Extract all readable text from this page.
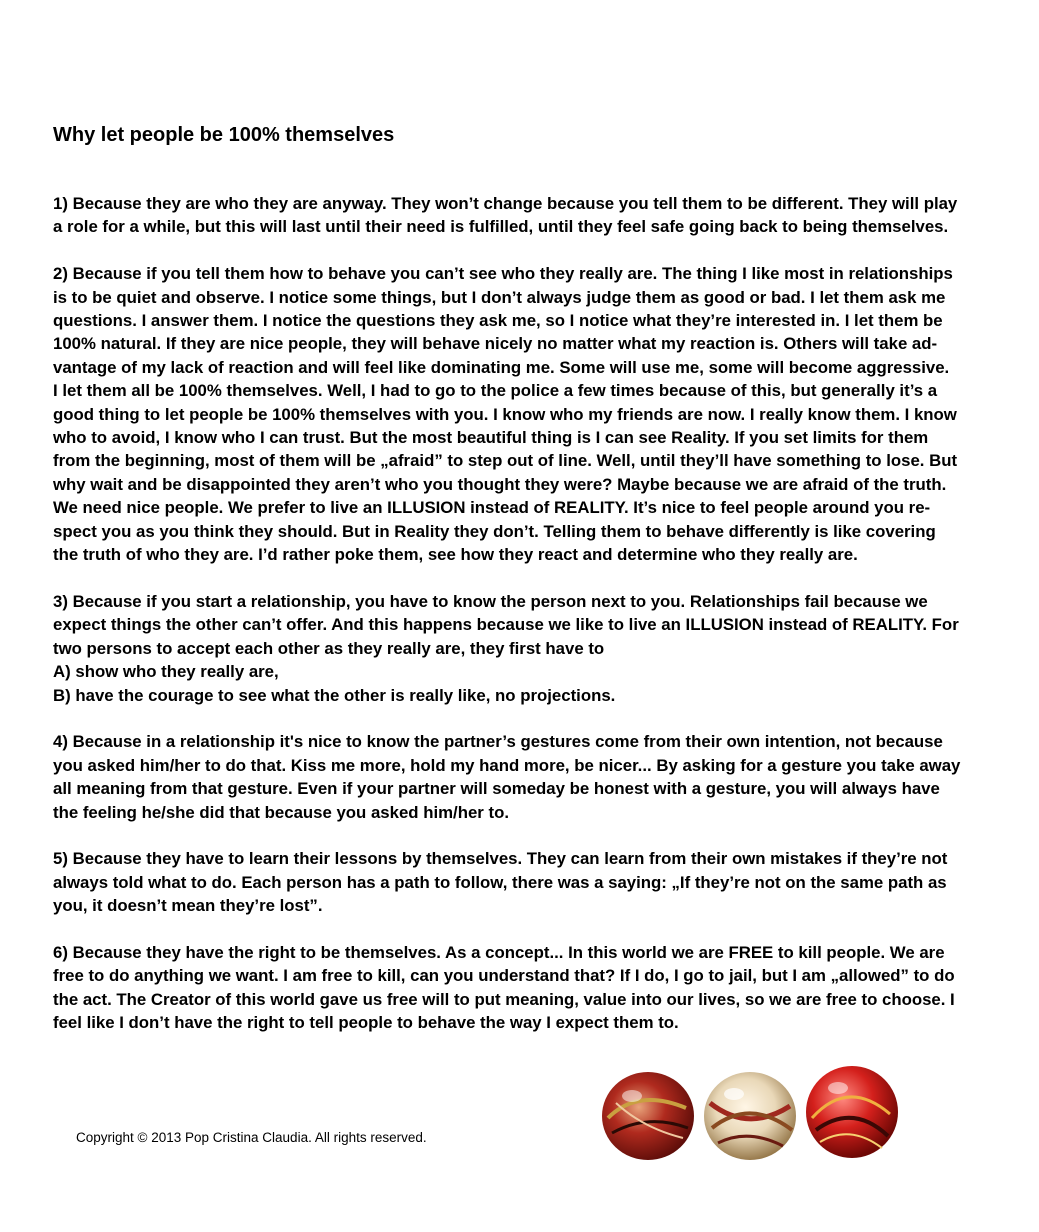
Why let people be 100% themselves

1) Because they are who they are anyway. They won’t change because you tell them to be different. They will play
a role for a while, but this will last until their need is fulfilled, until they feel safe going back to being themselves.

2) Because if you tell them how to behave you can’t see who they really are. The thing I like most in relationships
is to be quiet and observe. I notice some things, but I don’t always judge them as good or bad. I let them ask me
questions. I answer them. I notice the questions they ask me, so I notice what they’re interested in. I let them be
100% natural. If they are nice people, they will behave nicely no matter what my reaction is. Others will take ad-
vantage of my lack of reaction and will feel like dominating me. Some will use me, some will become aggressive.
I let them all be 100% themselves. Well, I had to go to the police a few times because of this, but generally it’s a
good thing to let people be 100% themselves with you. I know who my friends are now. I really know them. I know
who to avoid, I know who I can trust. But the most beautiful thing is I can see Reality. If you set limits for them
from the beginning, most of them will be „afraid” to step out of line. Well, until they’ll have something to lose. But
why wait and be disappointed they aren’t who you thought they were? Maybe because we are afraid of the truth.
We need nice people. We prefer to live an ILLUSION instead of REALITY. It’s nice to feel people around you re-
spect you as you think they should. But in Reality they don’t. Telling them to behave differently is like covering
the truth of who they are. I’d rather poke them, see how they react and determine who they really are.

3) Because if you start a relationship, you have to know the person next to you. Relationships fail because we
expect things the other can’t offer. And this happens because we like to live an ILLUSION instead of REALITY. For
two persons to accept each other as they really are, they first have to
A) show who they really are,
B) have the courage to see what the other is really like, no projections.

4) Because in a relationship it's nice to know the partner’s gestures come from their own intention, not because
you asked him/her to do that. Kiss me more, hold my hand more, be nicer... By asking for a gesture you take away
all meaning from that gesture. Even if your partner will someday be honest with a gesture, you will always have
the feeling he/she did that because you asked him/her to.

5) Because they have to learn their lessons by themselves. They can learn from their own mistakes if they’re not
always told what to do. Each person has a path to follow, there was a saying: „If they’re not on the same path as
you, it doesn’t mean they’re lost”.

6) Because they have the right to be themselves. As a concept... In this world we are FREE to kill people. We are
free to do anything we want. I am free to kill, can you understand that? If I do, I go to jail, but I am „allowed” to do
the act. The Creator of this world gave us free will to put meaning, value into our lives, so we are free to choose. I
feel like I don’t have the right to tell people to behave the way I expect them to.

Copyright © 2013 Pop Cristina Claudia. All rights reserved.
